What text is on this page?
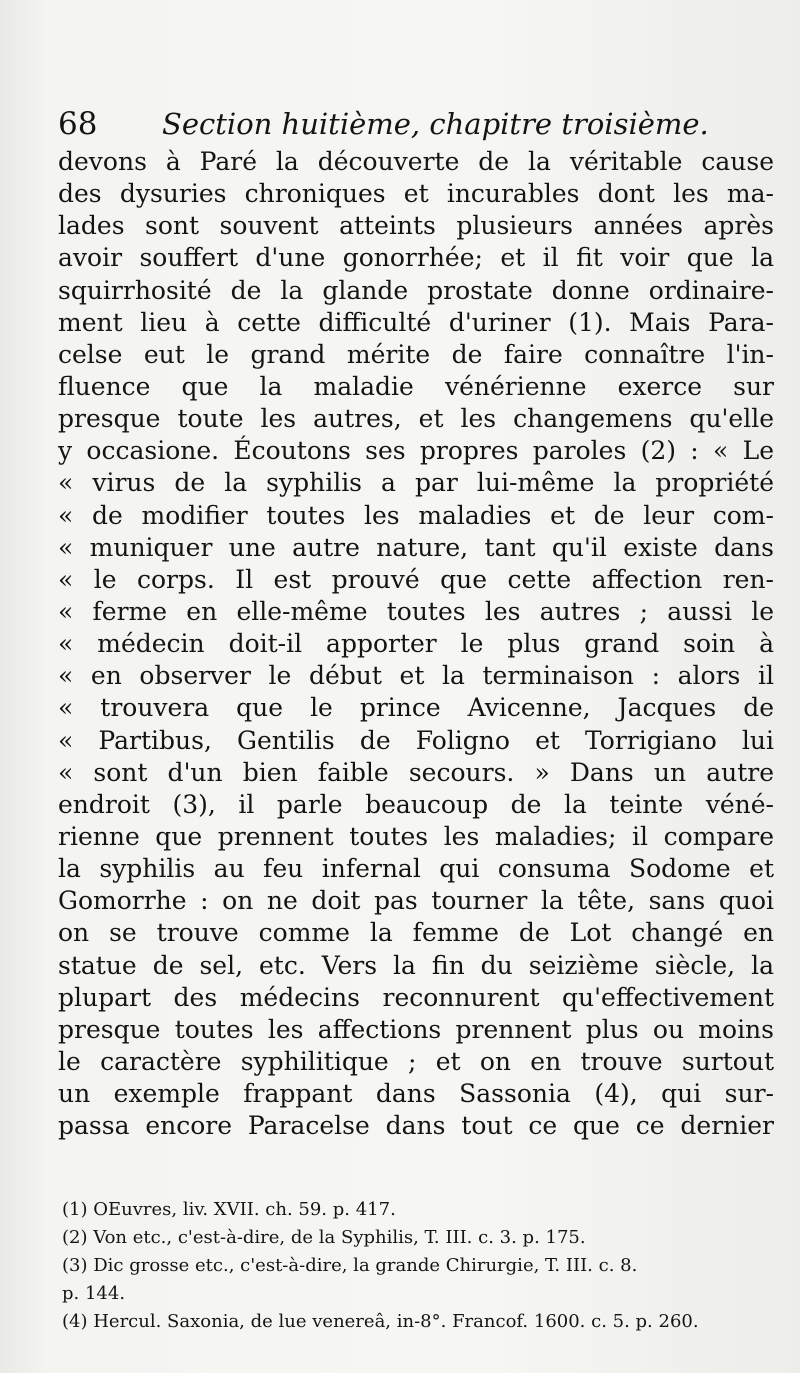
68 Section huitième, chapitre troisième.
devons à Paré la découverte de la véritable cause
des dysuries chroniques et incurables dont les ma-
lades sont souvent atteints plusieurs années après
avoir souffert d'une gonorrhée; et il fit voir que la
squirrhosité de la glande prostate donne ordinaire-
ment lieu à cette difficulté d'uriner (1). Mais Para-
celse eut le grand mérite de faire connaître l'in-
fluence que la maladie vénérienne exerce sur
presque toute les autres, et les changemens qu'elle
y occasione. Écoutons ses propres paroles (2) : « Le
« virus de la syphilis a par lui-même la propriété
« de modifier toutes les maladies et de leur com-
« muniquer une autre nature, tant qu'il existe dans
« le corps. Il est prouvé que cette affection ren-
« ferme en elle-même toutes les autres ; aussi le
« médecin doit-il apporter le plus grand soin à
« en observer le début et la terminaison : alors il
« trouvera que le prince Avicenne, Jacques de
« Partibus, Gentilis de Foligno et Torrigiano lui
« sont d'un bien faible secours. » Dans un autre
endroit (3), il parle beaucoup de la teinte véné-
rienne que prennent toutes les maladies; il compare
la syphilis au feu infernal qui consuma Sodome et
Gomorrhe : on ne doit pas tourner la tête, sans quoi
on se trouve comme la femme de Lot changé en
statue de sel, etc. Vers la fin du seizième siècle, la
plupart des médecins reconnurent qu'effectivement
presque toutes les affections prennent plus ou moins
le caractère syphilitique ; et on en trouve surtout
un exemple frappant dans Sassonia (4), qui sur-
passa encore Paracelse dans tout ce que ce dernier
(1) OEuvres, liv. XVII. ch. 59. p. 417.
(2) Von etc., c'est-à-dire, de la Syphilis, T. III. c. 3. p. 175.
(3) Dic grosse etc., c'est-à-dire, la grande Chirurgie, T. III. c. 8.
p. 144.
(4) Hercul. Saxonia, de lue venereâ, in-8°. Francof. 1600. c. 5. p. 260.
